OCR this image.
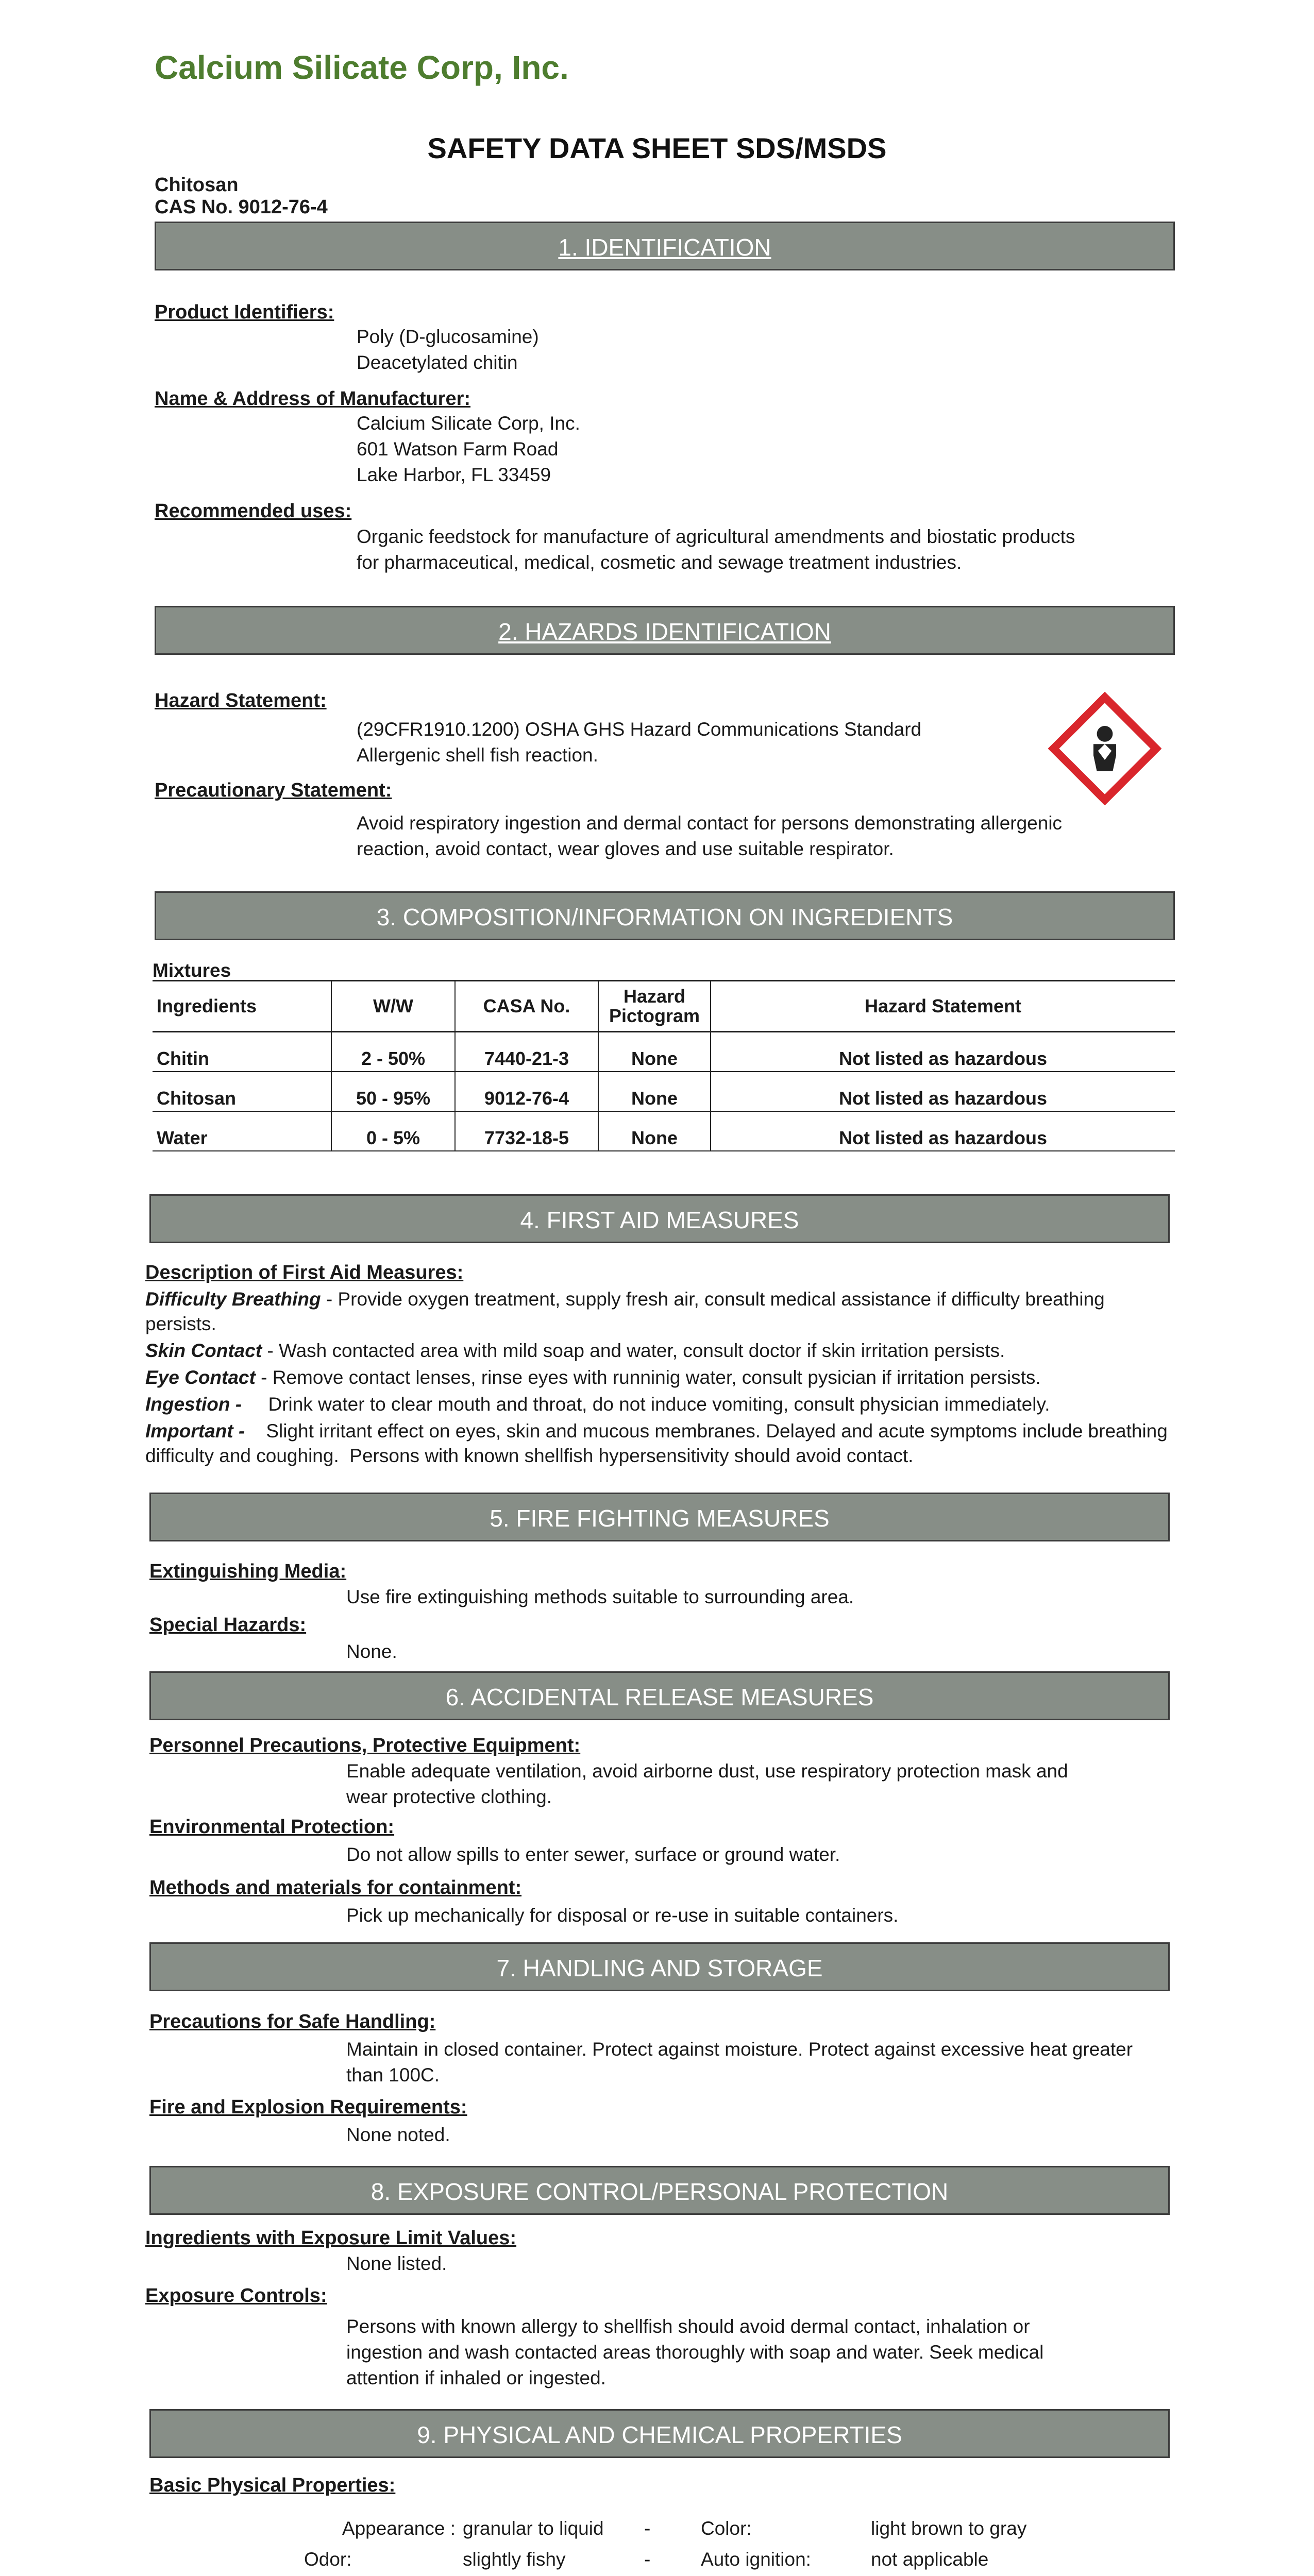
Calcium Silicate Corp, Inc.
SAFETY DATA SHEET SDS/MSDS
Chitosan
CAS No. 9012-76-4
1. IDENTIFICATION
Product Identifiers:
Poly (D-glucosamine)
Deacetylated chitin
Name & Address of Manufacturer:
Calcium Silicate Corp, Inc.
601 Watson Farm Road
Lake Harbor, FL 33459
Recommended uses:
Organic feedstock for manufacture of agricultural amendments and biostatic products
for pharmaceutical, medical, cosmetic and sewage treatment industries.
2. HAZARDS IDENTIFICATION
Hazard Statement:
(29CFR1910.1200) OSHA GHS Hazard Communications Standard
Allergenic shell fish reaction.
Precautionary Statement:
Avoid respiratory ingestion and dermal contact for persons demonstrating allergenic
reaction, avoid contact, wear gloves and use suitable respirator.
3. COMPOSITION/INFORMATION ON INGREDIENTS
Mixtures
Ingredients	W/W	CASA No.	Hazard Pictogram	Hazard Statement
Chitin	2 - 50%	7440-21-3	None	Not listed as hazardous
Chitosan	50 - 95%	9012-76-4	None	Not listed as hazardous
Water	0 - 5%	7732-18-5	None	Not listed as hazardous
4. FIRST AID MEASURES
Description of First Aid Measures:
Difficulty Breathing - Provide oxygen treatment, supply fresh air, consult medical assistance if difficulty breathing persists.
Skin Contact - Wash contacted area with mild soap and water, consult doctor if skin irritation persists.
Eye Contact - Remove contact lenses, rinse eyes with runninig water, consult pysician if irritation persists.
Ingestion -     Drink water to clear mouth and throat, do not induce vomiting, consult physician immediately.
Important -    Slight irritant effect on eyes, skin and mucous membranes. Delayed and acute symptoms include breathing difficulty and coughing.  Persons with known shellfish hypersensitivity should avoid contact.
5. FIRE FIGHTING MEASURES
Extinguishing Media:
Use fire extinguishing methods suitable to surrounding area.
Special Hazards:
None.
6. ACCIDENTAL RELEASE MEASURES
Personnel Precautions, Protective Equipment:
Enable adequate ventilation, avoid airborne dust, use respiratory protection mask and
wear protective clothing.
Environmental Protection:
Do not allow spills to enter sewer, surface or ground water.
Methods and materials for containment:
Pick up mechanically for disposal or re-use in suitable containers.
7. HANDLING AND STORAGE
Precautions for Safe Handling:
Maintain in closed container. Protect against moisture. Protect against excessive heat greater
than 100C.
Fire and Explosion Requirements:
None noted.
8. EXPOSURE CONTROL/PERSONAL PROTECTION
Ingredients with Exposure Limit Values:
None listed.
Exposure Controls:
Persons with known allergy to shellfish should avoid dermal contact, inhalation or
ingestion and wash contacted areas thoroughly with soap and water. Seek medical
attention if inhaled or ingested.
9. PHYSICAL AND CHEMICAL PROPERTIES
Basic Physical Properties:
Appearance : granular to liquid	-	Color:	light brown to gray
Odor:	slightly fishy	-	Auto ignition:	not applicable
